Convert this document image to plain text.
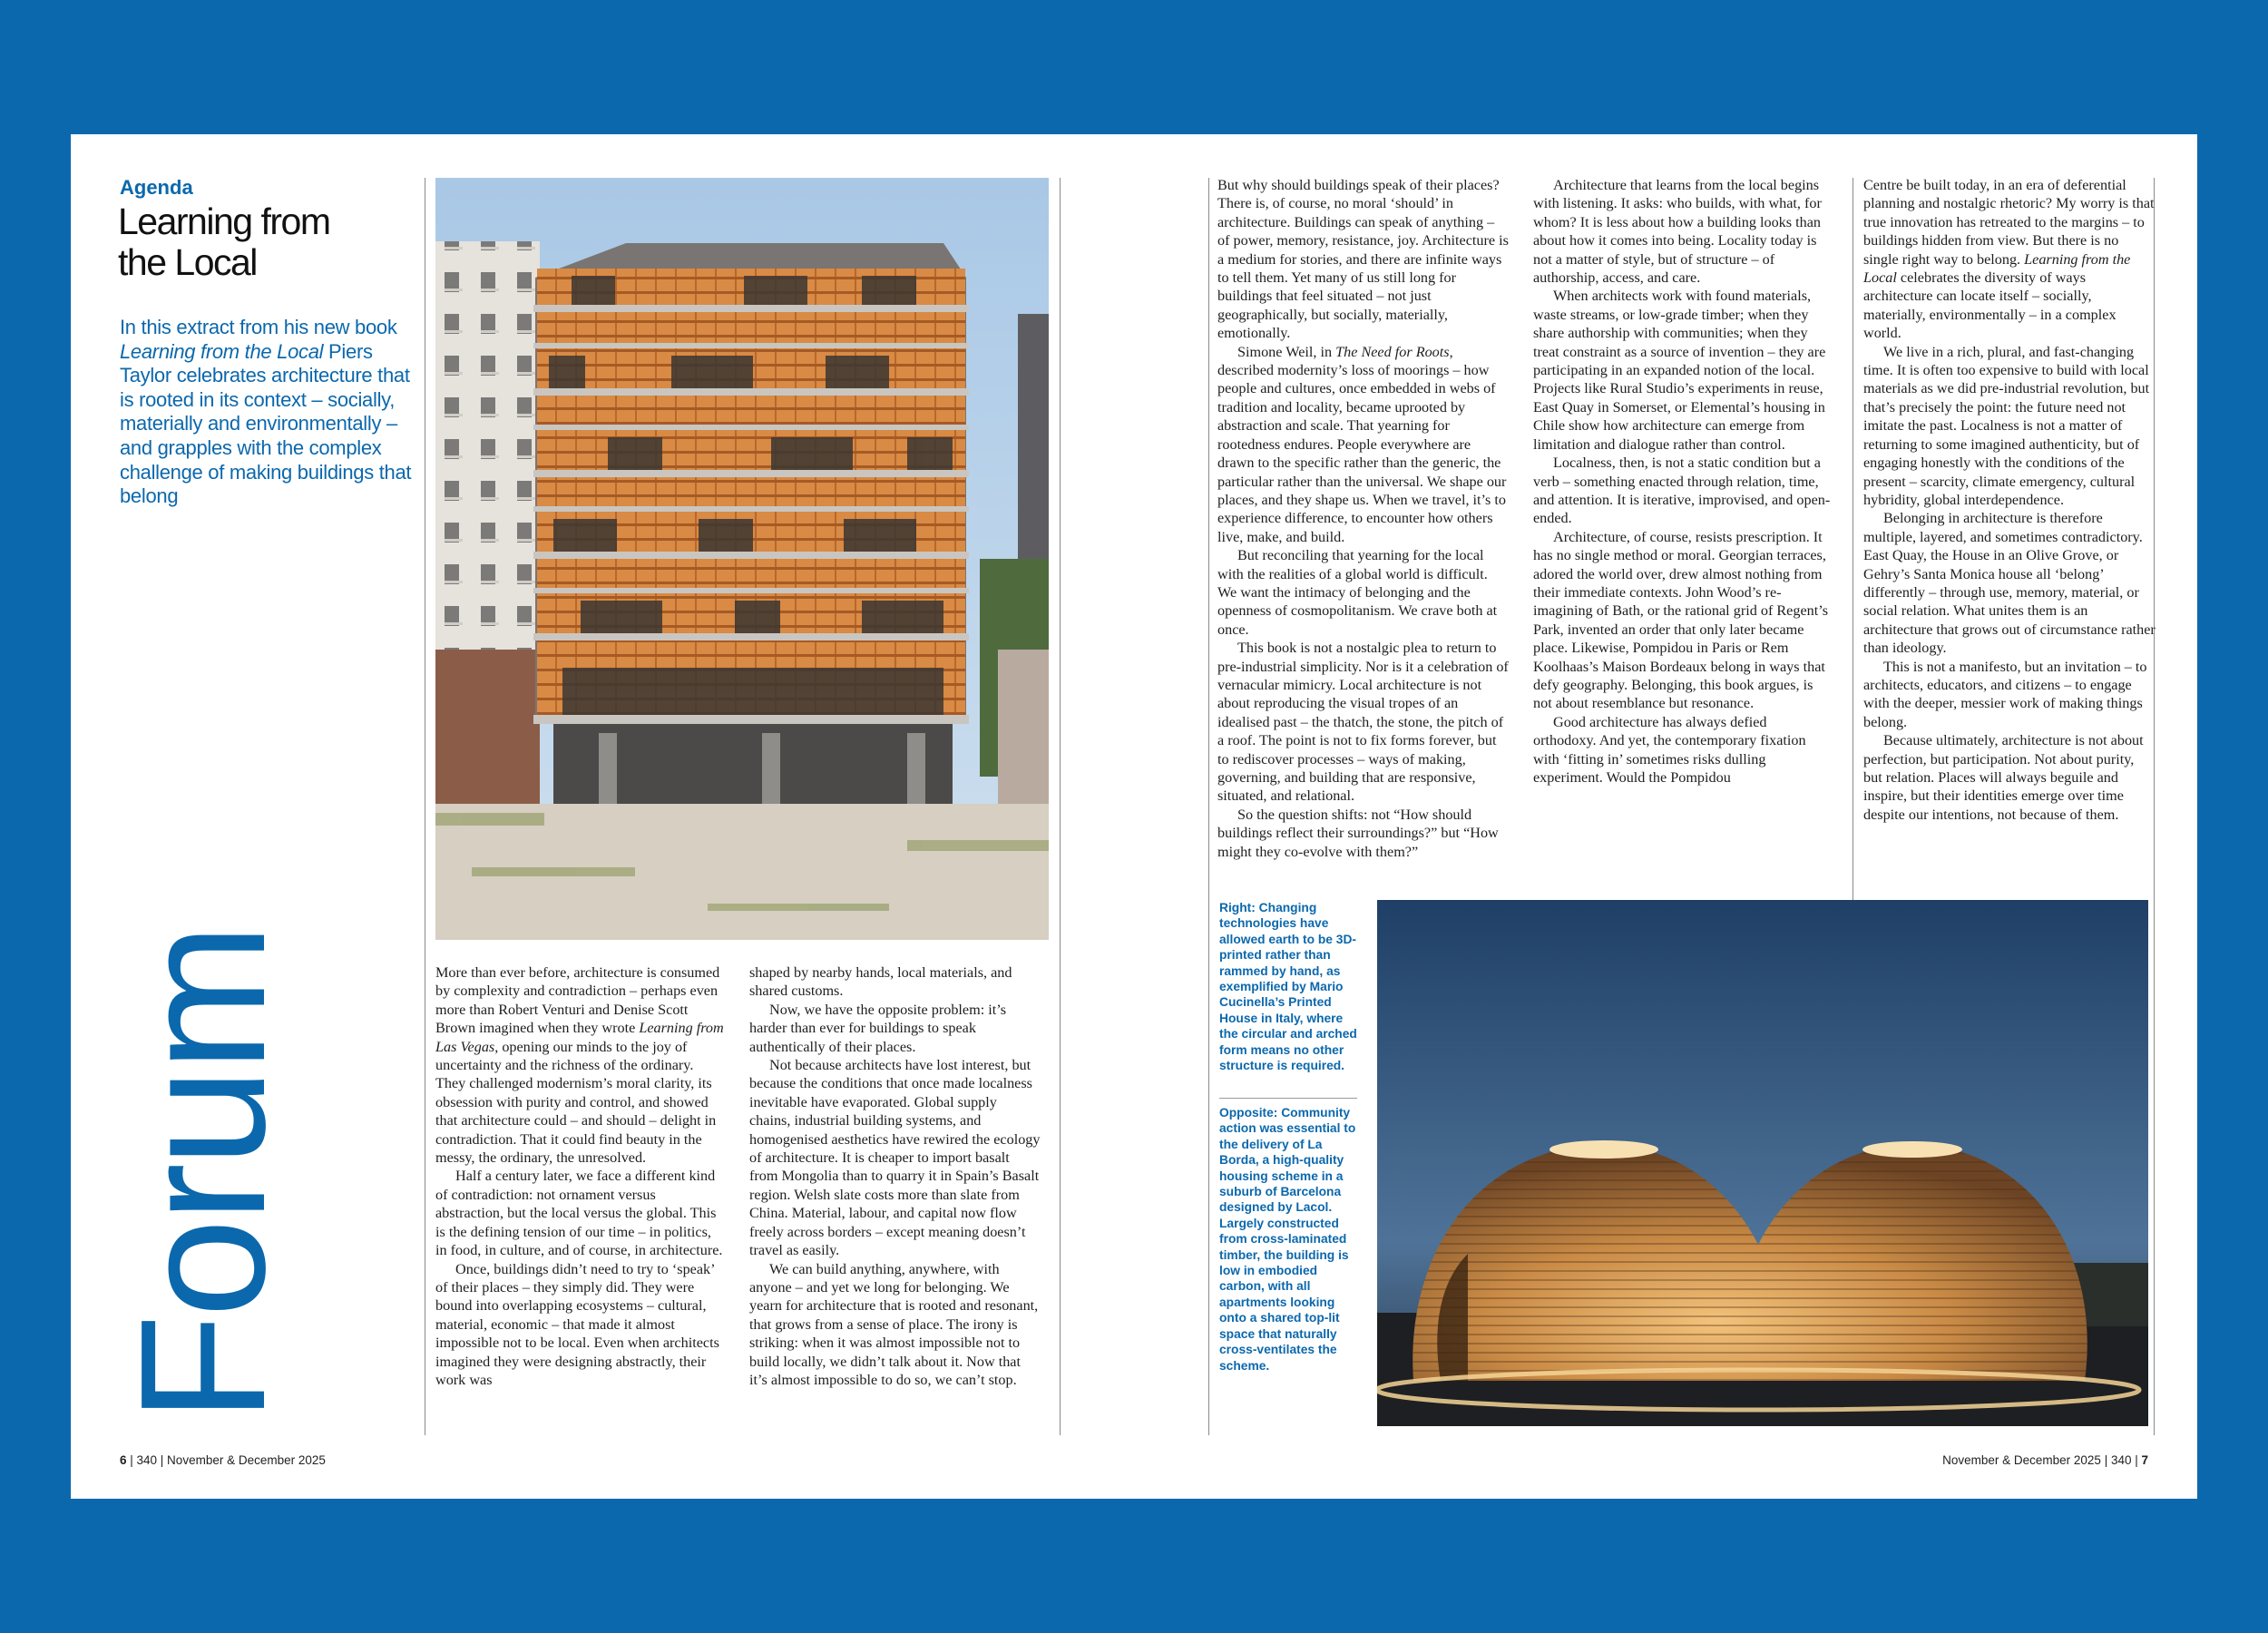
Agenda
Learning from
the Local
In this extract from his new book Learning from the Local Piers Taylor celebrates architecture that is rooted in its context – socially, materially and environmentally – and grapples with the complex challenge of making buildings that belong
Forum	More than ever before, architecture is consumed by complexity and contradiction – perhaps even more than Robert Venturi and Denise Scott Brown imagined when they wrote Learning from Las Vegas, opening our minds to the joy of uncertainty and the richness of the ordinary. They challenged modernism’s moral clarity, its obsession with purity and control, and showed that architecture could – and should – delight in contradiction. That it could find beauty in the messy, the ordinary, the unresolved.

Half a century later, we face a different kind of contradiction: not ornament versus abstraction, but the local versus the global. This is the defining tension of our time – in politics, in food, in culture, and of course, in architecture.

Once, buildings didn’t need to try to ‘speak’ of their places – they simply did. They were bound into overlapping ecosystems – cultural, material, economic – that made it almost impossible not to be local. Even when architects imagined they were designing abstractly, their work was

shaped by nearby hands, local materials, and shared customs.

Now, we have the opposite problem: it’s harder than ever for buildings to speak authentically of their places.

Not because architects have lost interest, but because the conditions that once made localness inevitable have evaporated. Global supply chains, industrial building systems, and homogenised aesthetics have rewired the ecology of architecture. It is cheaper to import basalt from Mongolia than to quarry it in Spain’s Basalt region. Welsh slate costs more than slate from China. Material, labour, and capital now flow freely across borders – except meaning doesn’t travel as easily.

We can build anything, anywhere, with anyone – and yet we long for belonging. We yearn for architecture that is rooted and resonant, that grows from a sense of place. The irony is striking: when it was almost impossible not to build locally, we didn’t talk about it. Now that it’s almost impossible to do so, we can’t stop.

6 | 340 | November & December 2025

But why should buildings speak of their places? There is, of course, no moral ‘should’ in architecture. Buildings can speak of anything – of power, memory, resistance, joy. Architecture is a medium for stories, and there are infinite ways to tell them. Yet many of us still long for buildings that feel situated – not just geographically, but socially, materially, emotionally.

Simone Weil, in The Need for Roots, described modernity’s loss of moorings – how people and cultures, once embedded in webs of tradition and locality, became uprooted by abstraction and scale. That yearning for rootedness endures. People everywhere are drawn to the specific rather than the generic, the particular rather than the universal. We shape our places, and they shape us. When we travel, it’s to experience difference, to encounter how others live, make, and build.

But reconciling that yearning for the local with the realities of a global world is difficult. We want the intimacy of belonging and the openness of cosmopolitanism. We crave both at once.

This book is not a nostalgic plea to return to pre-industrial simplicity. Nor is it a celebration of vernacular mimicry. Local architecture is not about reproducing the visual tropes of an idealised past – the thatch, the stone, the pitch of a roof. The point is not to fix forms forever, but to rediscover processes – ways of making, governing, and building that are responsive, situated, and relational.

So the question shifts: not “How should buildings reflect their surroundings?” but “How might they co-evolve with them?”

Architecture that learns from the local begins with listening. It asks: who builds, with what, for whom? It is less about how a building looks than about how it comes into being. Locality today is not a matter of style, but of structure – of authorship, access, and care.

When architects work with found materials, waste streams, or low-grade timber; when they share authorship with communities; when they treat constraint as a source of invention – they are participating in an expanded notion of the local. Projects like Rural Studio’s experiments in reuse, East Quay in Somerset, or Elemental’s housing in Chile show how architecture can emerge from limitation and dialogue rather than control.

Localness, then, is not a static condition but a verb – something enacted through relation, time, and attention. It is iterative, improvised, and open-ended.

Architecture, of course, resists prescription. It has no single method or moral. Georgian terraces, adored the world over, drew almost nothing from their immediate contexts. John Wood’s re-imagining of Bath, or the rational grid of Regent’s Park, invented an order that only later became place. Likewise, Pompidou in Paris or Rem Koolhaas’s Maison Bordeaux belong in ways that defy geography. Belonging, this book argues, is not about resemblance but resonance.

Good architecture has always defied orthodoxy. And yet, the contemporary fixation with ‘fitting in’ sometimes risks dulling experiment. Would the Pompidou

Centre be built today, in an era of deferential planning and nostalgic rhetoric? My worry is that true innovation has retreated to the margins – to buildings hidden from view. But there is no single right way to belong. Learning from the Local celebrates the diversity of ways architecture can locate itself – socially, materially, environmentally – in a complex world.

We live in a rich, plural, and fast-changing time. It is often too expensive to build with local materials as we did pre-industrial revolution, but that’s precisely the point: the future need not imitate the past. Localness is not a matter of returning to some imagined authenticity, but of engaging honestly with the conditions of the present – scarcity, climate emergency, cultural hybridity, global interdependence.

Belonging in architecture is therefore multiple, layered, and sometimes contradictory. East Quay, the House in an Olive Grove, or Gehry’s Santa Monica house all ‘belong’ differently – through use, memory, material, or social relation. What unites them is an architecture that grows out of circumstance rather than ideology.

This is not a manifesto, but an invitation – to architects, educators, and citizens – to engage with the deeper, messier work of making things belong.

Because ultimately, architecture is not about perfection, but participation. Not about purity, but relation. Places will always beguile and inspire, but their identities emerge over time despite our intentions, not because of them.

Right: Changing technologies have allowed earth to be 3D-printed rather than rammed by hand, as exemplified by Mario Cucinella’s Printed House in Italy, where the circular and arched form means no other structure is required.
Opposite: Community action was essential to the delivery of La Borda, a high-quality housing scheme in a suburb of Barcelona designed by Lacol. Largely constructed from cross-laminated timber, the building is low in embodied carbon, with all apartments looking onto a shared top-lit space that naturally cross-ventilates the scheme.
November & December 2025 | 340 | 7
